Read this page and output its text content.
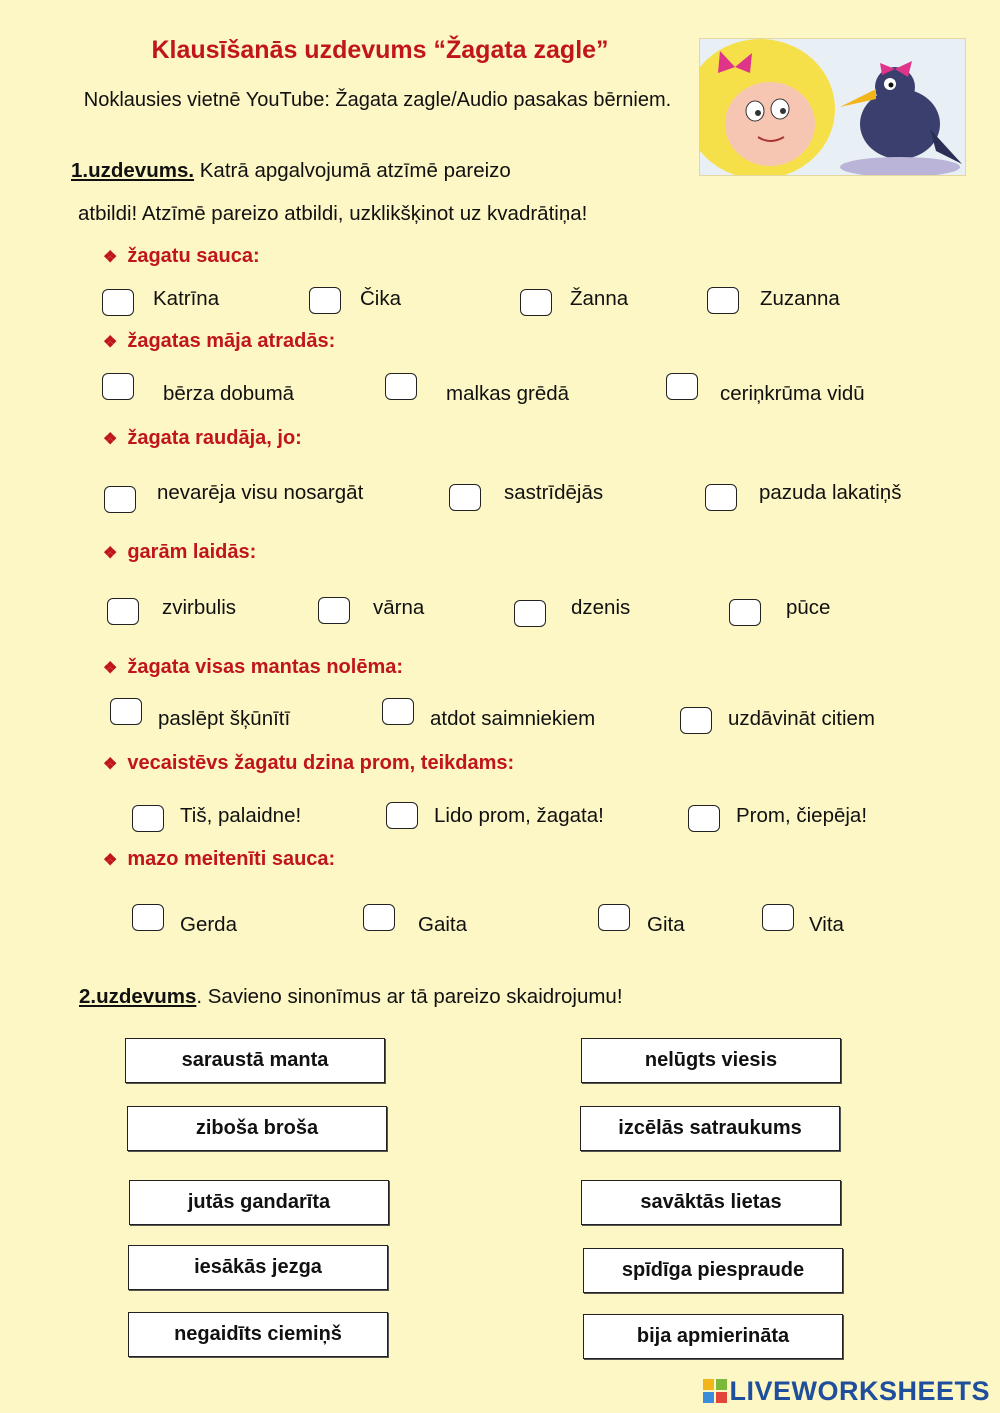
Klausīšanās uzdevums “Žagata zagle”
Noklausies vietnē YouTube: Žagata zagle/Audio pasakas bērniem.
1.uzdevums. Katrā apgalvojumā atzīmē pareizo
atbildi! Atzīmē pareizo atbildi, uzklikšķinot uz kvadrātiņa!
❖ žagatu sauca:
Katrīna	Čika	Žanna	Zuzanna
❖ žagatas māja atradās:
bērza dobumā	malkas grēdā	ceriņkrūma vidū
❖ žagata raudāja, jo:
nevarēja visu nosargāt	sastrīdējās	pazuda lakatiņš
❖ garām laidās:
zvirbulis	vārna	dzenis	pūce
❖ žagata visas mantas nolēma:
paslēpt šķūnītī	atdot saimniekiem	uzdāvināt citiem
❖ vecaistēvs žagatu dzina prom, teikdams:
Tiš, palaidne!	Lido prom, žagata!	Prom, čiepēja!
❖ mazo meitenīti sauca:
Gerda	Gaita	Gita	Vita
2.uzdevums. Savieno sinonīmus ar tā pareizo skaidrojumu!
saraustā manta
ziboša broša
jutās gandarīta
iesākās jezga
negaidīts ciemiņš
nelūgts viesis
izcēlās satraukums
savāktās lietas
spīdīga piespraude
bija apmierināta
LIVEWORKSHEETS
